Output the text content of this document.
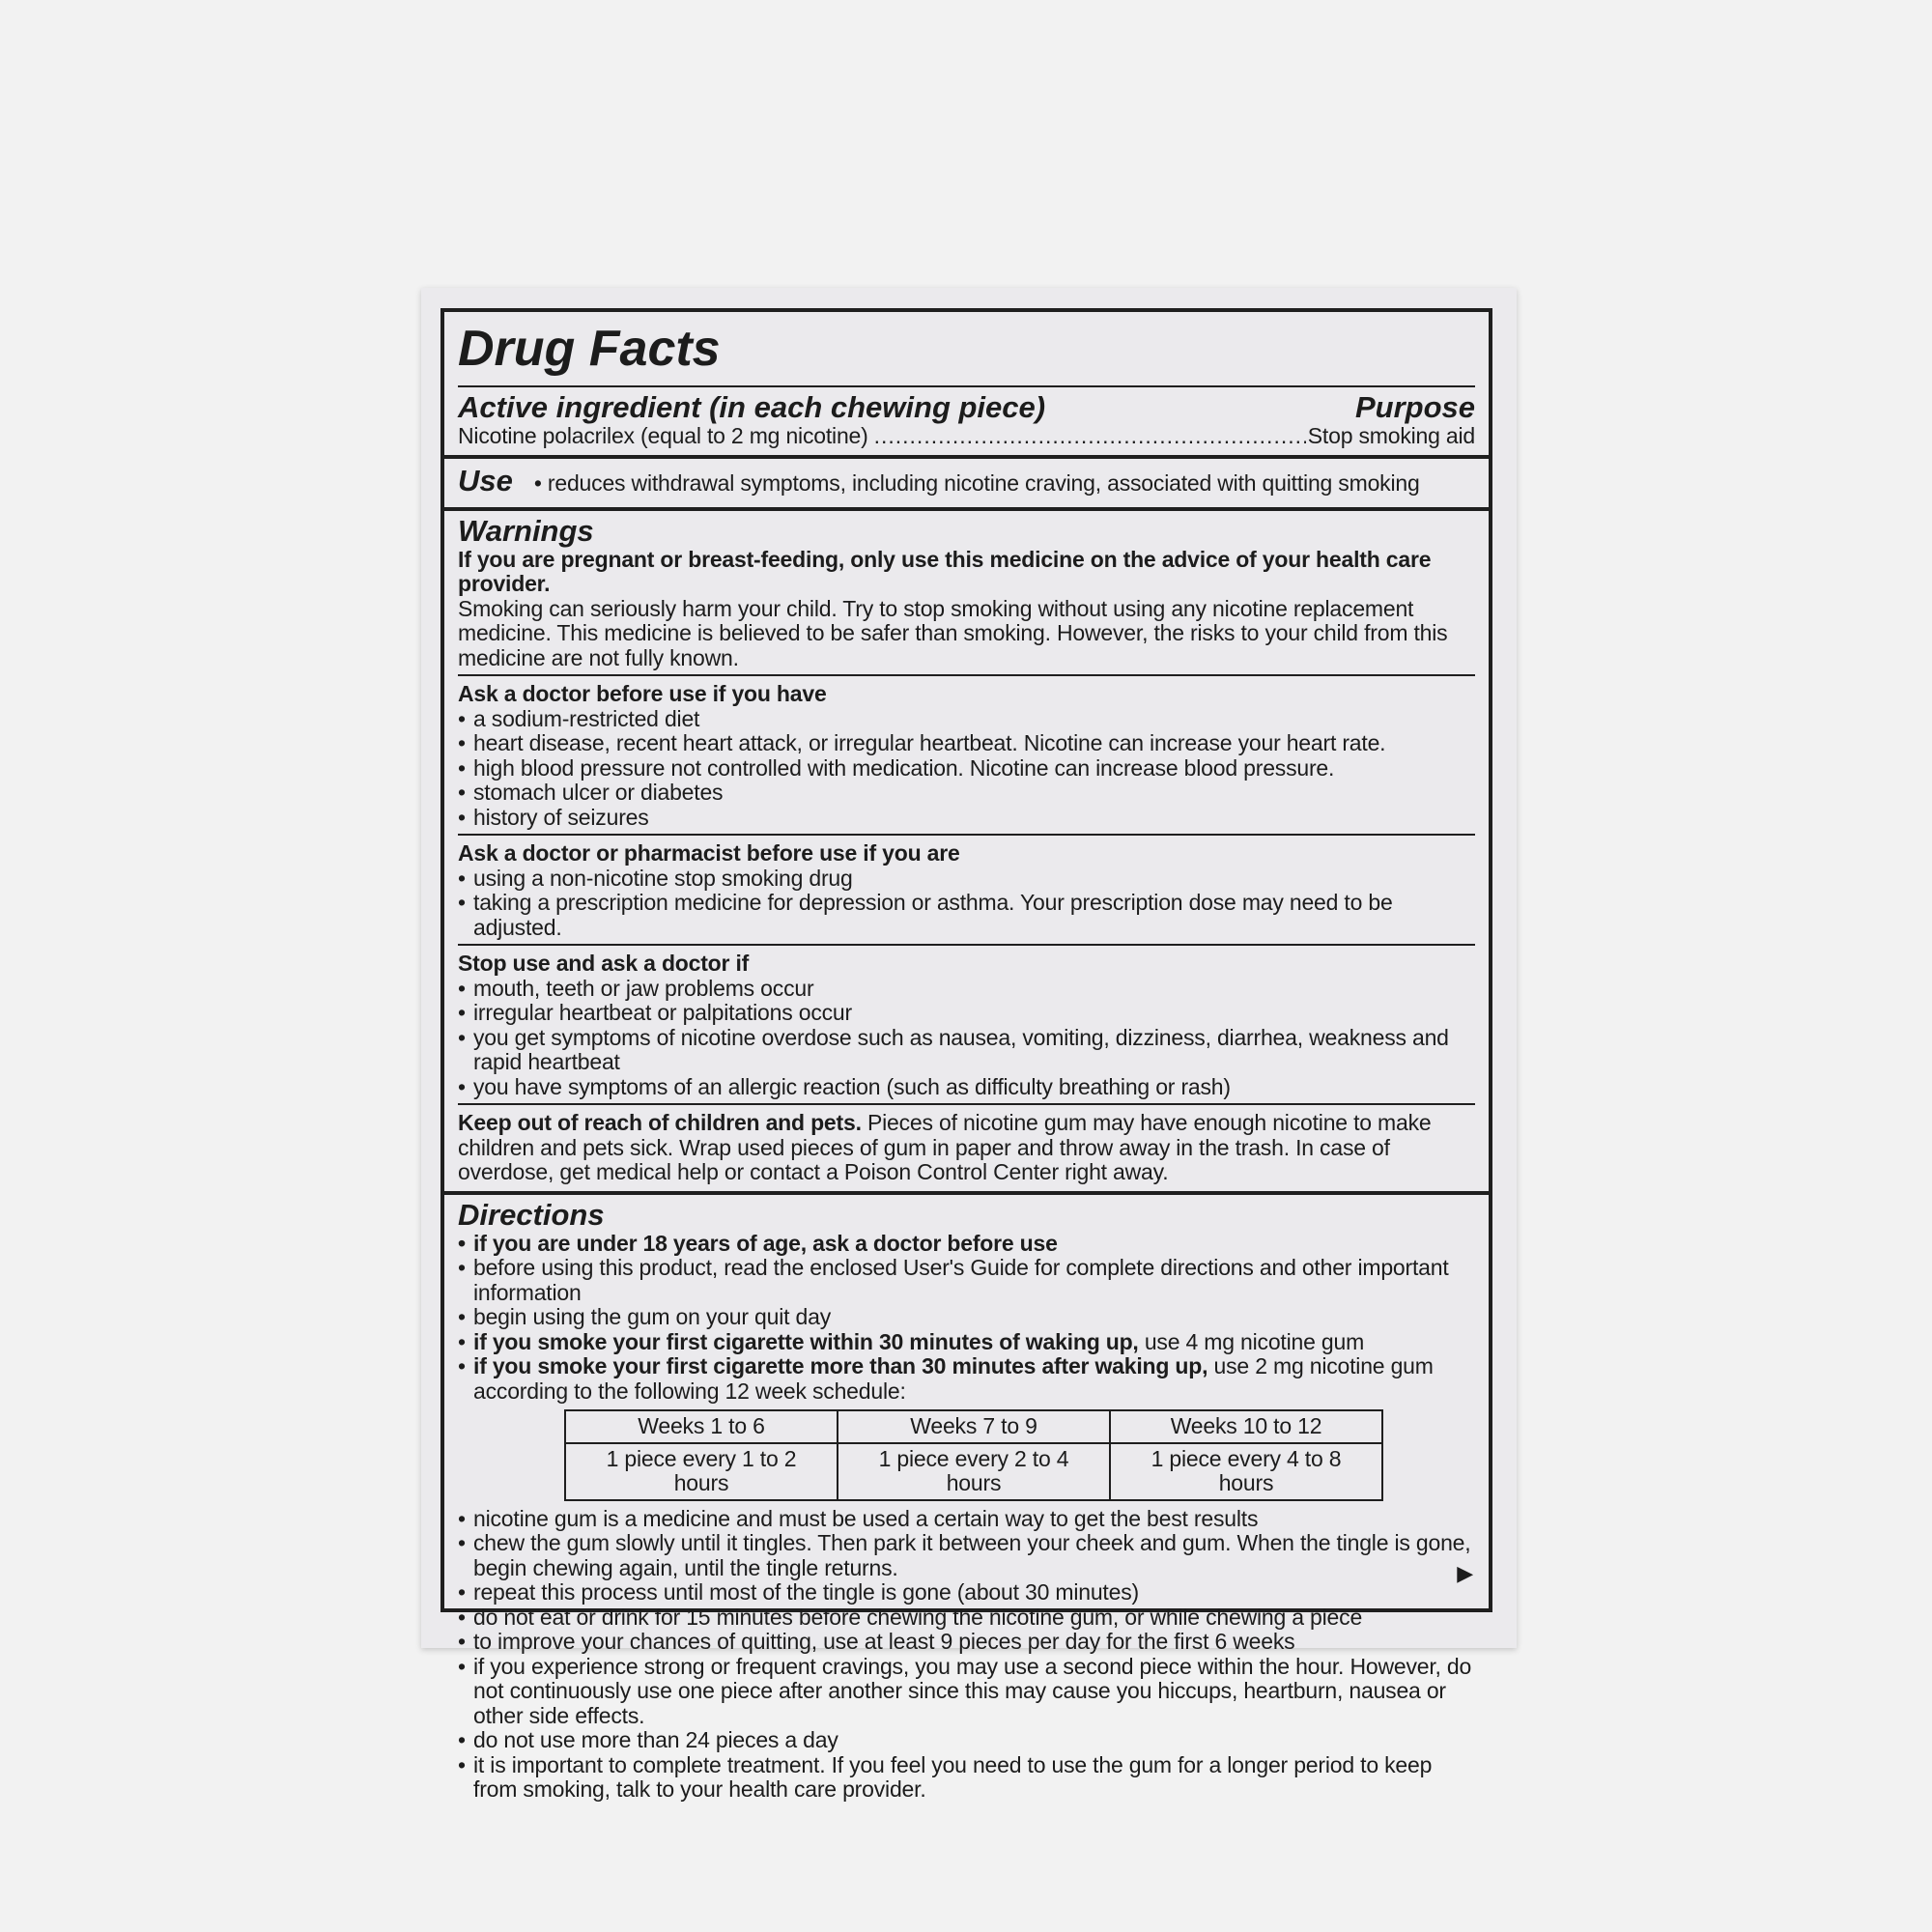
Drug Facts
Active ingredient (in each chewing piece)	Purpose
Nicotine polacrilex (equal to 2 mg nicotine) .....	Stop smoking aid
Use • reduces withdrawal symptoms, including nicotine craving, associated with quitting smoking
Warnings
If you are pregnant or breast-feeding, only use this medicine on the advice of your health care provider.
Smoking can seriously harm your child. Try to stop smoking without using any nicotine replacement medicine. This medicine is believed to be safer than smoking. However, the risks to your child from this medicine are not fully known.
Ask a doctor before use if you have
• a sodium-restricted diet
• heart disease, recent heart attack, or irregular heartbeat. Nicotine can increase your heart rate.
• high blood pressure not controlled with medication. Nicotine can increase blood pressure.
• stomach ulcer or diabetes
• history of seizures
Ask a doctor or pharmacist before use if you are
• using a non-nicotine stop smoking drug
• taking a prescription medicine for depression or asthma. Your prescription dose may need to be adjusted.
Stop use and ask a doctor if
• mouth, teeth or jaw problems occur
• irregular heartbeat or palpitations occur
• you get symptoms of nicotine overdose such as nausea, vomiting, dizziness, diarrhea, weakness and rapid heartbeat
• you have symptoms of an allergic reaction (such as difficulty breathing or rash)
Keep out of reach of children and pets. Pieces of nicotine gum may have enough nicotine to make children and pets sick. Wrap used pieces of gum in paper and throw away in the trash. In case of overdose, get medical help or contact a Poison Control Center right away.
Directions
• if you are under 18 years of age, ask a doctor before use
• before using this product, read the enclosed User's Guide for complete directions and other important information
• begin using the gum on your quit day
• if you smoke your first cigarette within 30 minutes of waking up, use 4 mg nicotine gum
• if you smoke your first cigarette more than 30 minutes after waking up, use 2 mg nicotine gum according to the following 12 week schedule:
Weeks 1 to 6	Weeks 7 to 9	Weeks 10 to 12
1 piece every 1 to 2 hours	1 piece every 2 to 4 hours	1 piece every 4 to 8 hours
• nicotine gum is a medicine and must be used a certain way to get the best results
• chew the gum slowly until it tingles. Then park it between your cheek and gum. When the tingle is gone, begin chewing again, until the tingle returns.
• repeat this process until most of the tingle is gone (about 30 minutes)
• do not eat or drink for 15 minutes before chewing the nicotine gum, or while chewing a piece
• to improve your chances of quitting, use at least 9 pieces per day for the first 6 weeks
• if you experience strong or frequent cravings, you may use a second piece within the hour. However, do not continuously use one piece after another since this may cause you hiccups, heartburn, nausea or other side effects.
• do not use more than 24 pieces a day
• it is important to complete treatment. If you feel you need to use the gum for a longer period to keep from smoking, talk to your health care provider.
▶
